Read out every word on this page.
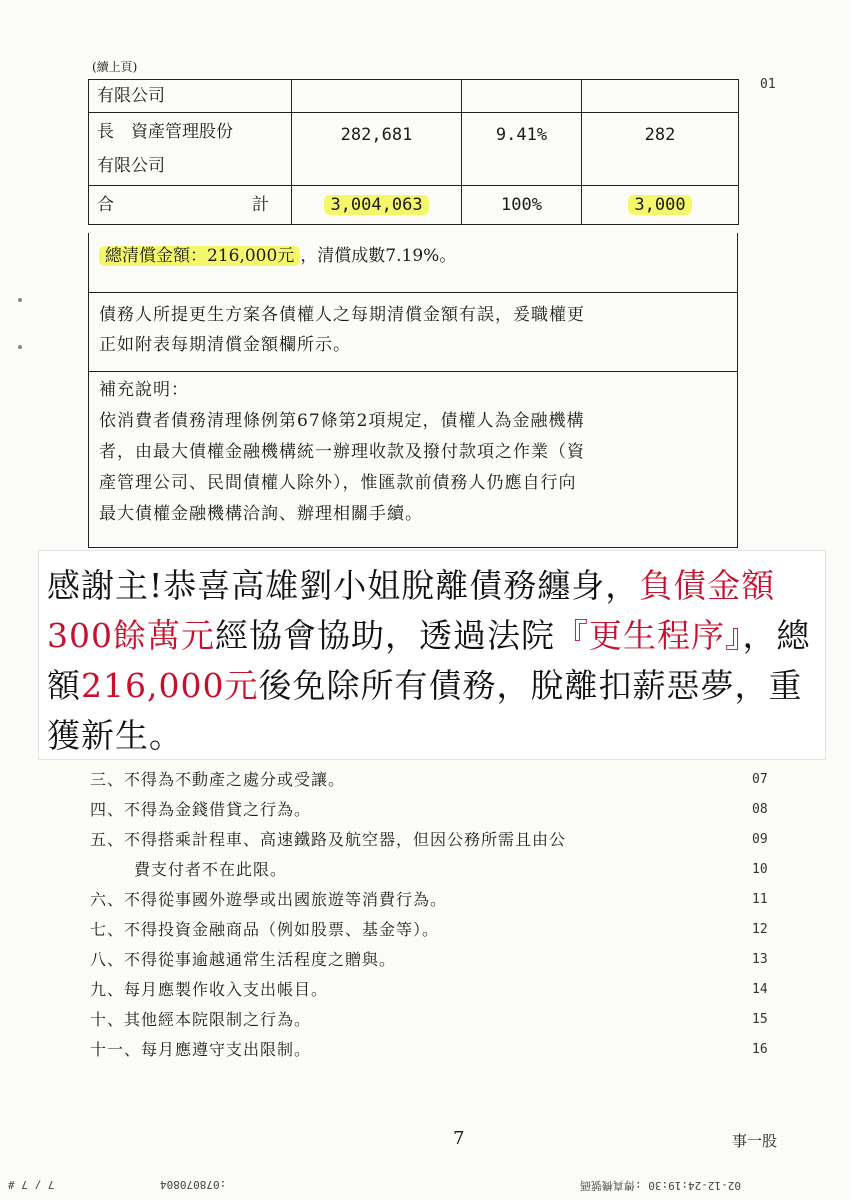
(續上頁)
01
有限公司			

長　資產管理股份
有限公司	282,681	9.41%	282

合 計	3,004,063	100%	3,000

總清償金額：216,000元 ，清償成數7.19%。

債務人所提更生方案各債權人之每期清償金額有誤，爰職權更
正如附表每期清償金額欄所示。

補充說明：
依消費者債務清理條例第67條第2項規定，債權人為金融機構
者，由最大債權金融機構統一辦理收款及撥付款項之作業（資
產管理公司、民間債權人除外），惟匯款前債務人仍應自行向
最大債權金融機構洽詢、辦理相關手續。

感謝主!恭喜高雄劉小姐脫離債務纏身，負債金額300餘萬元經協會協助，透過法院『更生程序』，總額216,000元後免除所有債務，脫離扣薪惡夢，重獲新生。
三、不得為不動產之處分或受讓。
四、不得為金錢借貸之行為。
五、不得搭乘計程車、高速鐵路及航空器，但因公務所需且由公
費支付者不在此限。
六、不得從事國外遊學或出國旅遊等消費行為。
七、不得投資金融商品（例如股票、基金等）。
八、不得從事逾越通常生活程度之贈與。
九、每月應製作收入支出帳目。
十、其他經本院限制之行為。
十一、每月應遵守支出限制。
07
08
09
10
11
12
13
14
15
16
7	事一股
7 / 7 #	:078070804	02-12-24:19:30 :傳真機號碼
